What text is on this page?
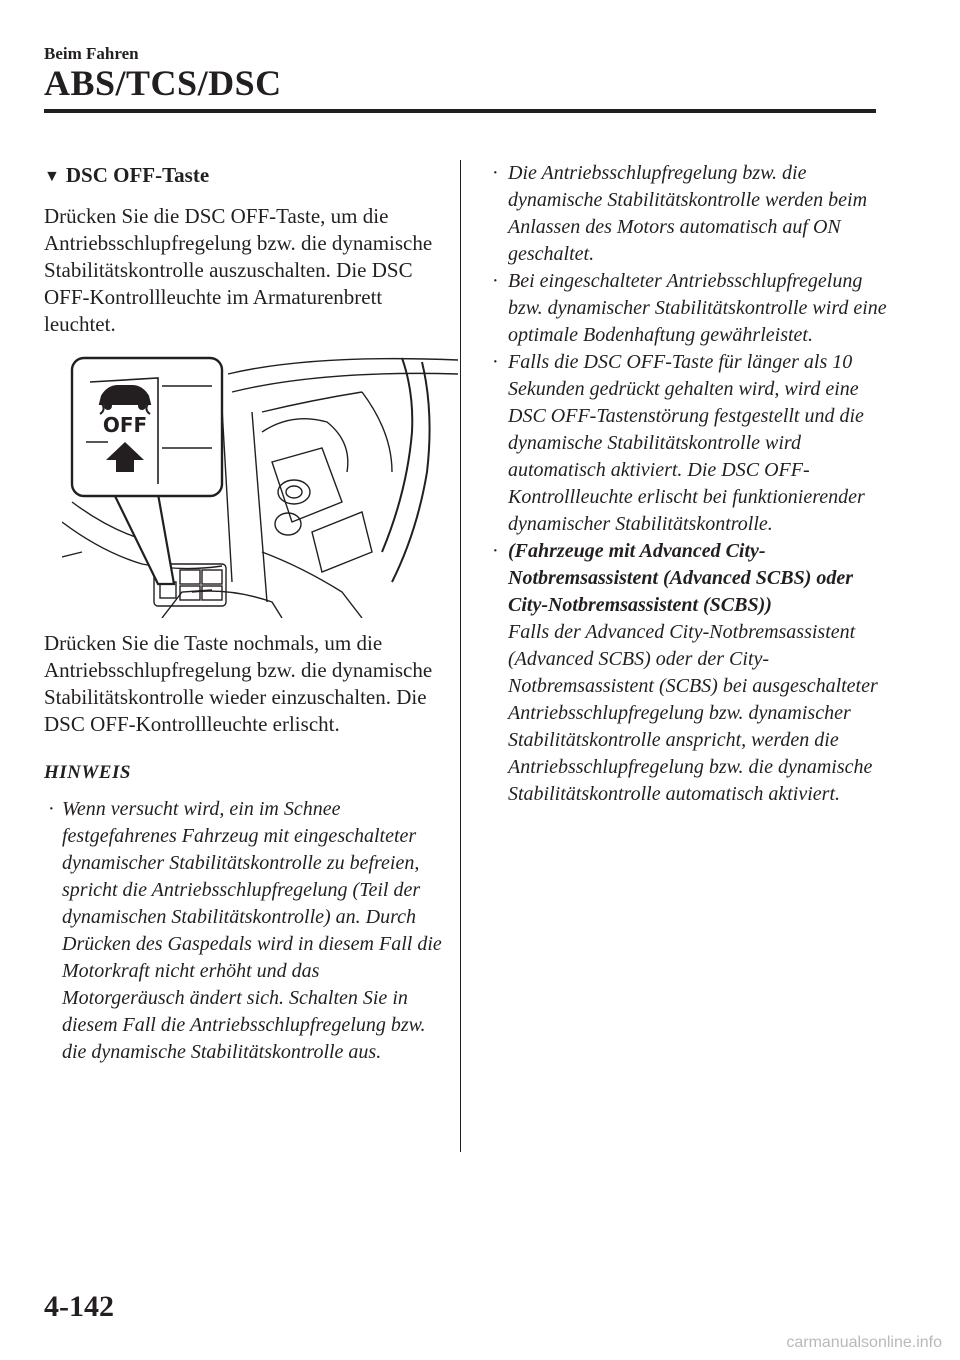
Beim Fahren
ABS/TCS/DSC
▼ DSC OFF-Taste

Drücken Sie die DSC OFF-Taste, um die Antriebsschlupfregelung bzw. die dynamische Stabilitätskontrolle auszuschalten. Die DSC OFF-Kontrollleuchte im Armaturenbrett leuchtet.

OFF

Drücken Sie die Taste nochmals, um die Antriebsschlupfregelung bzw. die dynamische Stabilitätskontrolle wieder einzuschalten. Die DSC OFF-Kontrollleuchte erlischt.

HINWEIS
· Wenn versucht wird, ein im Schnee festgefahrenes Fahrzeug mit eingeschalteter dynamischer Stabilitätskontrolle zu befreien, spricht die Antriebsschlupfregelung (Teil der dynamischen Stabilitätskontrolle) an. Durch Drücken des Gaspedals wird in diesem Fall die Motorkraft nicht erhöht und das Motorgeräusch ändert sich. Schalten Sie in diesem Fall die Antriebsschlupfregelung bzw. die dynamische Stabilitätskontrolle aus.
· Die Antriebsschlupfregelung bzw. die dynamische Stabilitätskontrolle werden beim Anlassen des Motors automatisch auf ON geschaltet.
· Bei eingeschalteter Antriebsschlupfregelung bzw. dynamischer Stabilitätskontrolle wird eine optimale Bodenhaftung gewährleistet.
· Falls die DSC OFF-Taste für länger als 10 Sekunden gedrückt gehalten wird, wird eine DSC OFF-Tastenstörung festgestellt und die dynamische Stabilitätskontrolle wird automatisch aktiviert. Die DSC OFF-Kontrollleuchte erlischt bei funktionierender dynamischer Stabilitätskontrolle.
· (Fahrzeuge mit Advanced City-Notbremsassistent (Advanced SCBS) oder City-Notbremsassistent (SCBS))
Falls der Advanced City-Notbremsassistent (Advanced SCBS) oder der City-Notbremsassistent (SCBS) bei ausgeschalteter Antriebsschlupfregelung bzw. dynamischer Stabilitätskontrolle anspricht, werden die Antriebsschlupfregelung bzw. die dynamische Stabilitätskontrolle automatisch aktiviert.
4-142
carmanualsonline.info
